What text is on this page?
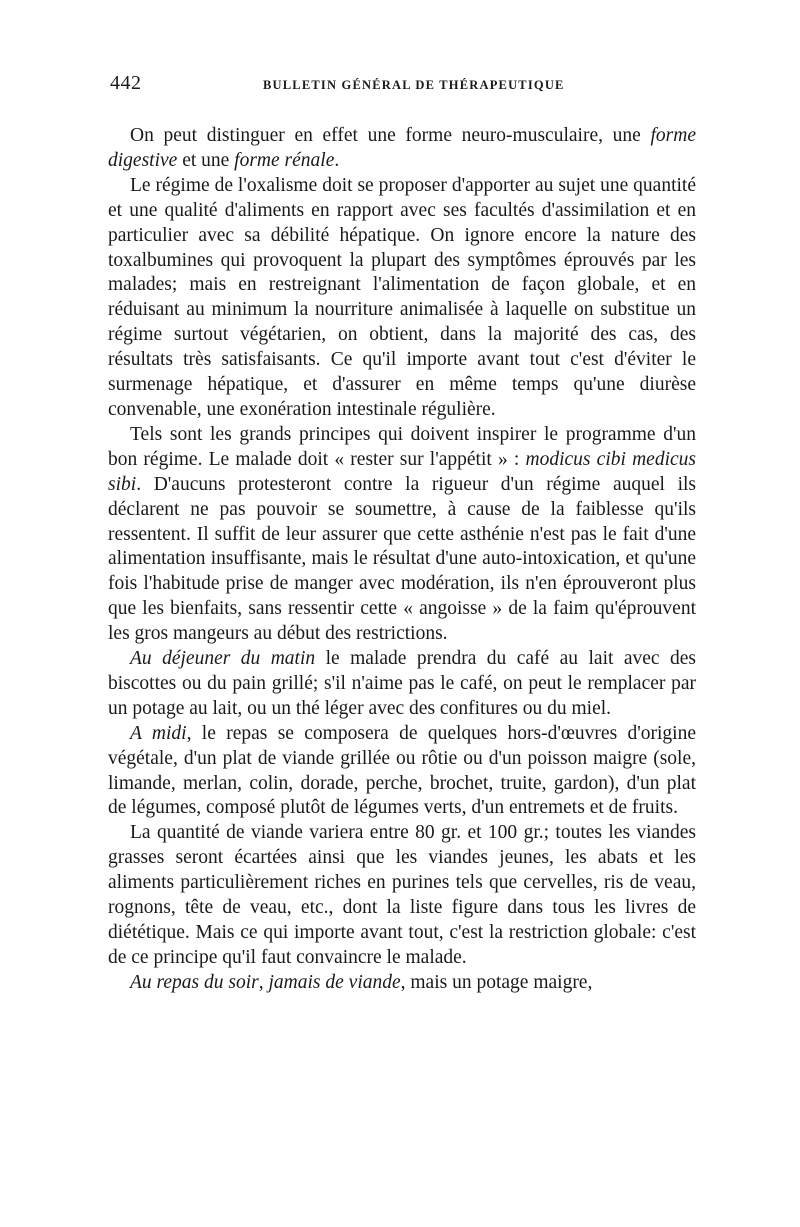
442	BULLETIN GÉNÉRAL DE THÉRAPEUTIQUE

On peut distinguer en effet une forme neuro-musculaire, une forme digestive et une forme rénale.

Le régime de l'oxalisme doit se proposer d'apporter au sujet une quantité et une qualité d'aliments en rapport avec ses facultés d'assimilation et en particulier avec sa débilité hépatique. On ignore encore la nature des toxalbumines qui provoquent la plupart des symptômes éprouvés par les malades; mais en restreignant l'alimentation de façon globale, et en réduisant au minimum la nourriture animalisée à laquelle on substitue un régime surtout végétarien, on obtient, dans la majorité des cas, des résultats très satisfaisants. Ce qu'il importe avant tout c'est d'éviter le surmenage hépatique, et d'assurer en même temps qu'une diurèse convenable, une exonération intestinale régulière.

Tels sont les grands principes qui doivent inspirer le programme d'un bon régime. Le malade doit « rester sur l'appétit » : modicus cibi medicus sibi. D'aucuns protesteront contre la rigueur d'un régime auquel ils déclarent ne pas pouvoir se soumettre, à cause de la faiblesse qu'ils ressentent. Il suffit de leur assurer que cette asthénie n'est pas le fait d'une alimentation insuffisante, mais le résultat d'une auto-intoxication, et qu'une fois l'habitude prise de manger avec modération, ils n'en éprouveront plus que les bienfaits, sans ressentir cette « angoisse » de la faim qu'éprouvent les gros mangeurs au début des restrictions.

Au déjeuner du matin le malade prendra du café au lait avec des biscottes ou du pain grillé; s'il n'aime pas le café, on peut le remplacer par un potage au lait, ou un thé léger avec des confitures ou du miel.

A midi, le repas se composera de quelques hors-d'œuvres d'origine végétale, d'un plat de viande grillée ou rôtie ou d'un poisson maigre (sole, limande, merlan, colin, dorade, perche, brochet, truite, gardon), d'un plat de légumes, composé plutôt de légumes verts, d'un entremets et de fruits.

La quantité de viande variera entre 80 gr. et 100 gr.; toutes les viandes grasses seront écartées ainsi que les viandes jeunes, les abats et les aliments particulièrement riches en purines tels que cervelles, ris de veau, rognons, tête de veau, etc., dont la liste figure dans tous les livres de diététique. Mais ce qui importe avant tout, c'est la restriction globale: c'est de ce principe qu'il faut convaincre le malade.

Au repas du soir, jamais de viande, mais un potage maigre,
